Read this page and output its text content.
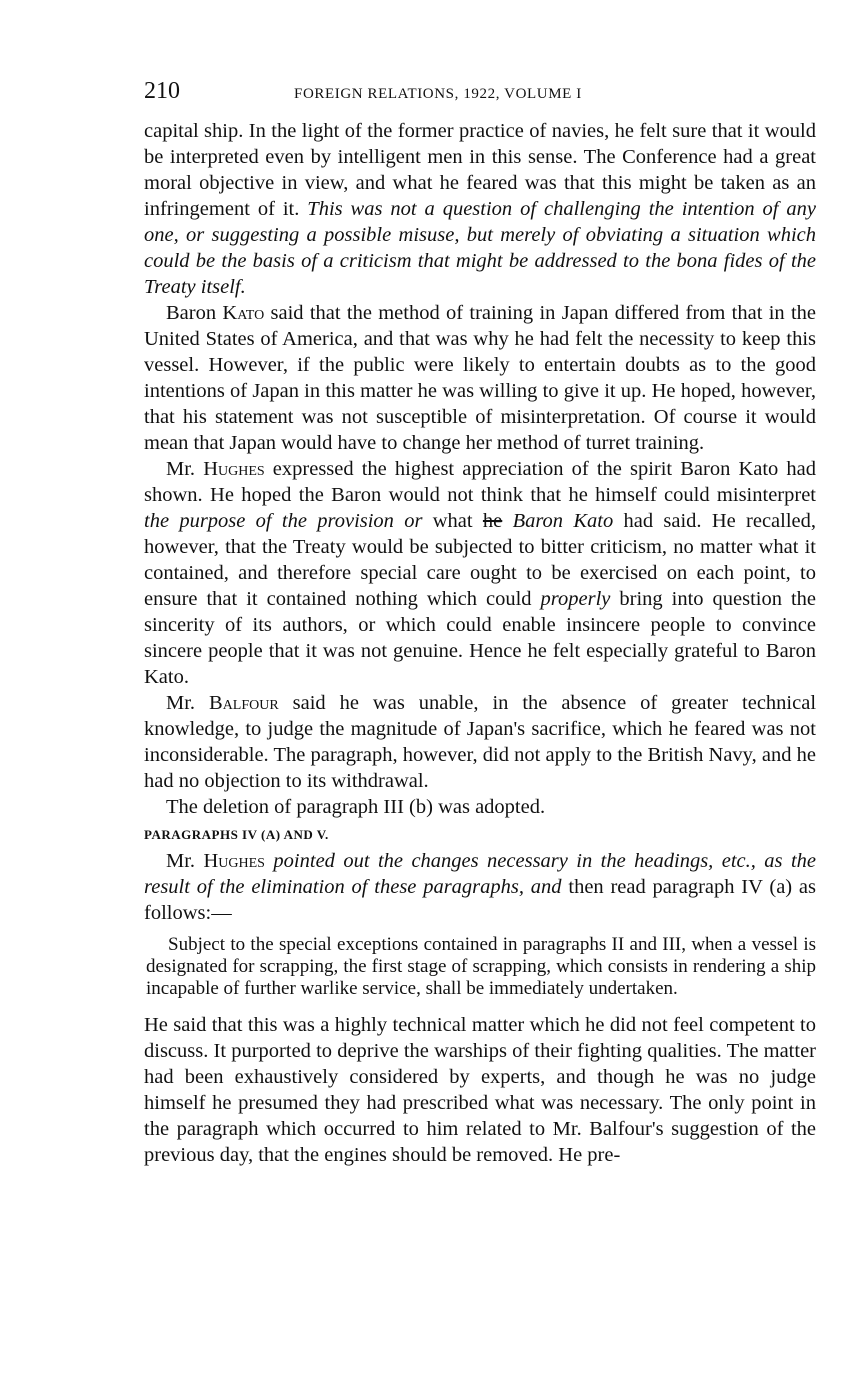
210	FOREIGN RELATIONS, 1922, VOLUME I

capital ship. In the light of the former practice of navies, he felt sure that it would be interpreted even by intelligent men in this sense. The Conference had a great moral objective in view, and what he feared was that this might be taken as an infringement of it. This was not a question of challenging the intention of any one, or suggesting a possible misuse, but merely of obviating a situation which could be the basis of a criticism that might be addressed to the bona fides of the Treaty itself.

Baron Kato said that the method of training in Japan differed from that in the United States of America, and that was why he had felt the necessity to keep this vessel. However, if the public were likely to entertain doubts as to the good intentions of Japan in this matter he was willing to give it up. He hoped, however, that his statement was not susceptible of misinterpretation. Of course it would mean that Japan would have to change her method of turret training.

Mr. Hughes expressed the highest appreciation of the spirit Baron Kato had shown. He hoped the Baron would not think that he himself could misinterpret the purpose of the provision or what he Baron Kato had said. He recalled, however, that the Treaty would be subjected to bitter criticism, no matter what it contained, and therefore special care ought to be exercised on each point, to ensure that it contained nothing which could properly bring into question the sincerity of its authors, or which could enable insincere people to convince sincere people that it was not genuine. Hence he felt especially grateful to Baron Kato.

Mr. Balfour said he was unable, in the absence of greater technical knowledge, to judge the magnitude of Japan's sacrifice, which he feared was not inconsiderable. The paragraph, however, did not apply to the British Navy, and he had no objection to its withdrawal.

The deletion of paragraph III (b) was adopted.

PARAGRAPHS IV (A) AND V.

Mr. Hughes pointed out the changes necessary in the headings, etc., as the result of the elimination of these paragraphs, and then read paragraph IV (a) as follows:—

Subject to the special exceptions contained in paragraphs II and III, when a vessel is designated for scrapping, the first stage of scrapping, which consists in rendering a ship incapable of further warlike service, shall be immediately undertaken.

He said that this was a highly technical matter which he did not feel competent to discuss. It purported to deprive the warships of their fighting qualities. The matter had been exhaustively considered by experts, and though he was no judge himself he presumed they had prescribed what was necessary. The only point in the paragraph which occurred to him related to Mr. Balfour's suggestion of the previous day, that the engines should be removed. He pre-
